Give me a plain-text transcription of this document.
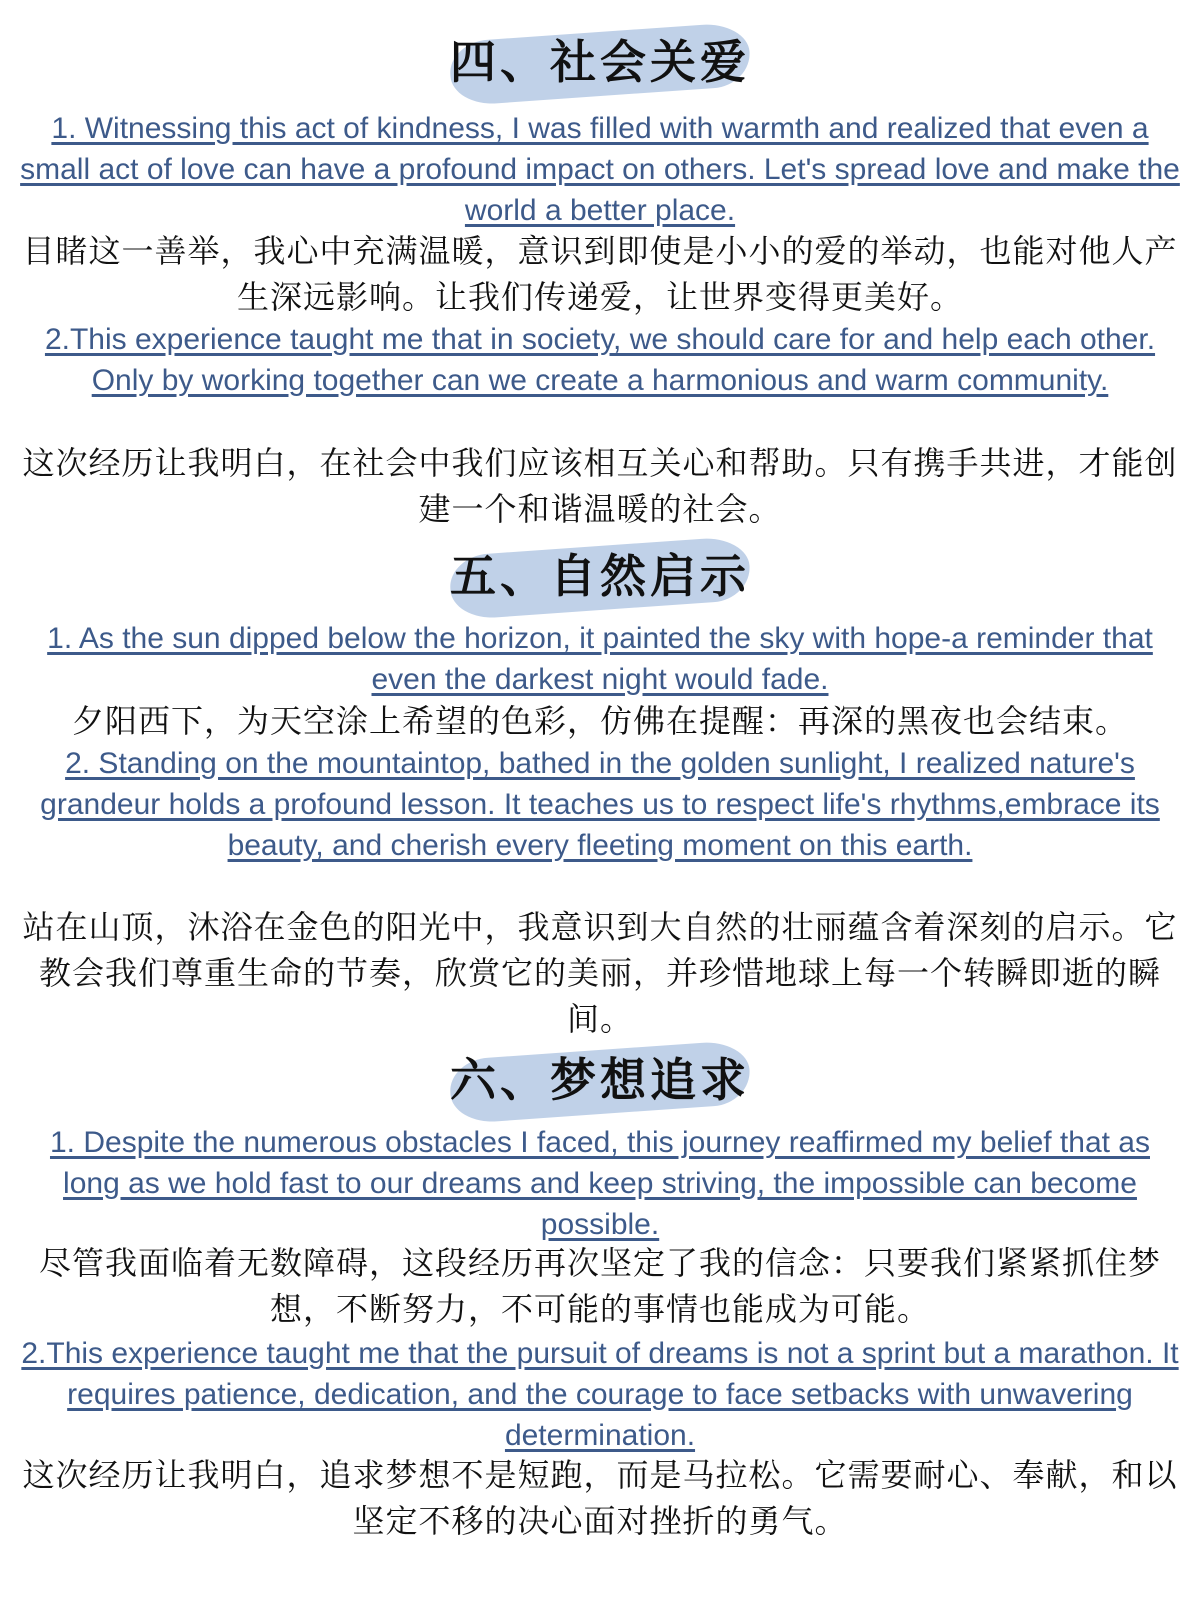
四、社会关爱
1. Witnessing this act of kindness, I was filled with warmth and realized that even a small act of love can have a profound impact on others. Let's spread love and make the world a better place.
目睹这一善举，我心中充满温暖，意识到即使是小小的爱的举动，也能对他人产生深远影响。让我们传递爱，让世界变得更美好。
2.This experience taught me that in society, we should care for and help each other. Only by working together can we create a harmonious and warm community.
这次经历让我明白，在社会中我们应该相互关心和帮助。只有携手共进，才能创建一个和谐温暖的社会。
五、自然启示
1. As the sun dipped below the horizon, it painted the sky with hope-a reminder that even the darkest night would fade.
夕阳西下，为天空涂上希望的色彩，仿佛在提醒：再深的黑夜也会结束。
2. Standing on the mountaintop, bathed in the golden sunlight, I realized nature's grandeur holds a profound lesson. It teaches us to respect life's rhythms,embrace its beauty, and cherish every fleeting moment on this earth.
站在山顶，沐浴在金色的阳光中，我意识到大自然的壮丽蕴含着深刻的启示。它教会我们尊重生命的节奏，欣赏它的美丽，并珍惜地球上每一个转瞬即逝的瞬间。
六、梦想追求
1. Despite the numerous obstacles I faced, this journey reaffirmed my belief that as long as we hold fast to our dreams and keep striving, the impossible can become possible.
尽管我面临着无数障碍，这段经历再次坚定了我的信念：只要我们紧紧抓住梦想，不断努力，不可能的事情也能成为可能。
2.This experience taught me that the pursuit of dreams is not a sprint but a marathon. It requires patience, dedication, and the courage to face setbacks with unwavering determination.
这次经历让我明白，追求梦想不是短跑，而是马拉松。它需要耐心、奉献，和以坚定不移的决心面对挫折的勇气。
